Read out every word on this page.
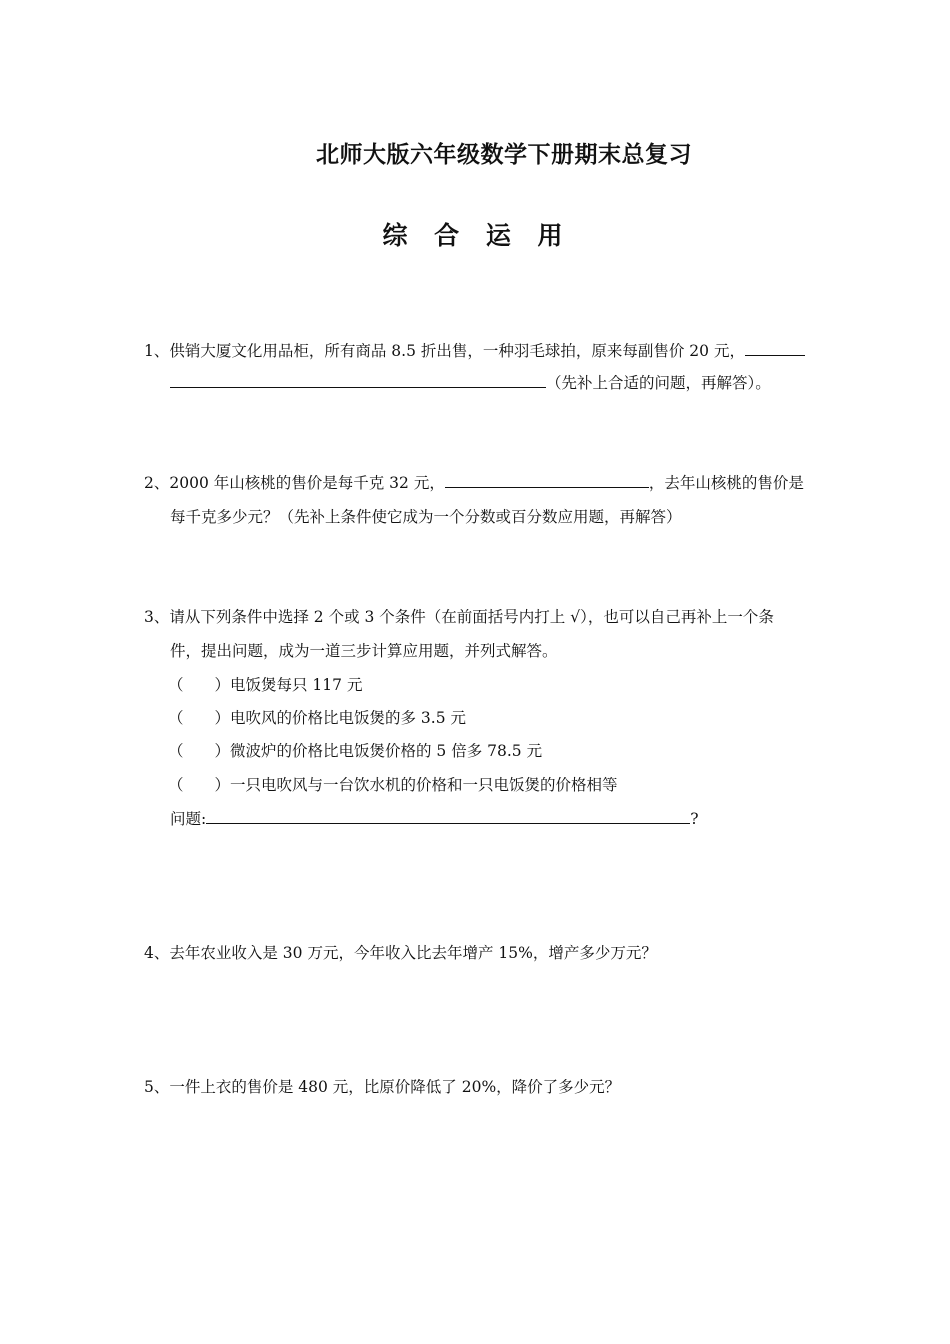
北师大版六年级数学下册期末总复习
综 合 运 用
1、供销大厦文化用品柜，所有商品 8.5 折出售，一种羽毛球拍，原来每副售价 20 元，
（先补上合适的问题，再解答）。
2、2000 年山核桃的售价是每千克 32 元，	，去年山核桃的售价是
每千克多少元？（先补上条件使它成为一个分数或百分数应用题，再解答）
3、请从下列条件中选择 2 个或 3 个条件（在前面括号内打上 √），也可以自己再补上一个条
件，提出问题，成为一道三步计算应用题，并列式解答。
（　　）电饭煲每只 117 元
（　　）电吹风的价格比电饭煲的多 3.5 元
（　　）微波炉的价格比电饭煲价格的 5 倍多 78.5 元
（　　）一只电吹风与一台饮水机的价格和一只电饭煲的价格相等
问题:	?
4、去年农业收入是 30 万元，今年收入比去年增产 15%，增产多少万元？
5、一件上衣的售价是 480 元，比原价降低了 20%，降价了多少元？
